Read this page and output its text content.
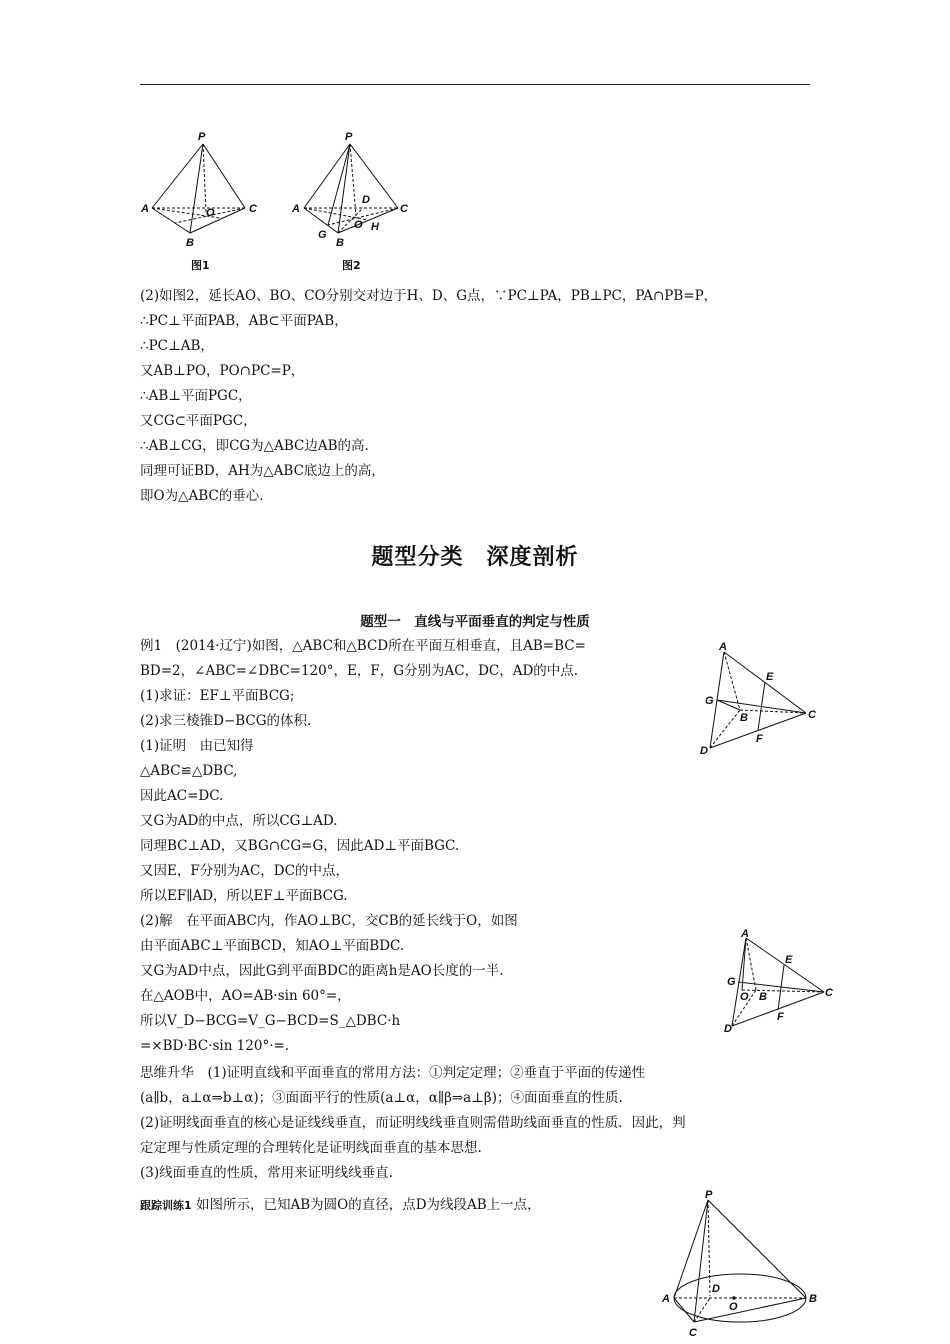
P
A
B
C
O
图1
P
A
D
C
O H
G
B
图2
(2)如图2，延长AO、BO、CO分别交对边于H、D、G点，∵PC⊥PA，PB⊥PC，PA∩PB=P，
∴PC⊥平面PAB，AB⊂平面PAB，
∴PC⊥AB，
又AB⊥PO，PO∩PC=P，
∴AB⊥平面PGC，
又CG⊂平面PGC，
∴AB⊥CG，即CG为△ABC边AB的高.
同理可证BD，AH为△ABC底边上的高，
即O为△ABC的垂心.
题型分类　深度剖析
题型一　直线与平面垂直的判定与性质
例1　(2014·辽宁)如图，△ABC和△BCD所在平面互相垂直，且AB=BC=
BD=2，∠ABC=∠DBC=120°，E，F，G分别为AC，DC，AD的中点.
(1)求证：EF⊥平面BCG;
(2)求三棱锥D−BCG的体积.
(1)证明　由已知得
△ABC≌△DBC,
因此AC=DC.
又G为AD的中点，所以CG⊥AD.
同理BC⊥AD，又BG∩CG=G，因此AD⊥平面BGC.
又因E，F分别为AC，DC的中点，
所以EF∥AD，所以EF⊥平面BCG.
(2)解　在平面ABC内，作AO⊥BC，交CB的延长线于O，如图
由平面ABC⊥平面BCD，知AO⊥平面BDC.
又G为AD中点，因此G到平面BDC的距离h是AO长度的一半.
在△AOB中，AO=AB·sin 60°=，
所以V_D−BCG=V_G−BCD=S_△DBC·h
=×BD·BC·sin 120°·=.
A
E
G
B	C
F
D
A
E
G
O B	C
F
D
思维升华　(1)证明直线和平面垂直的常用方法：①判定定理；②垂直于平面的传递性
(a∥b，a⊥α⇒b⊥α)；③面面平行的性质(a⊥α，α∥β⇒a⊥β)；④面面垂直的性质.
(2)证明线面垂直的核心是证线线垂直，而证明线线垂直则需借助线面垂直的性质．因此，判
定定理与性质定理的合理转化是证明线面垂直的基本思想.
(3)线面垂直的性质，常用来证明线线垂直.
跟踪训练1 如图所示，已知AB为圆O的直径，点D为线段AB上一点，
P
D
A
O
B
C
